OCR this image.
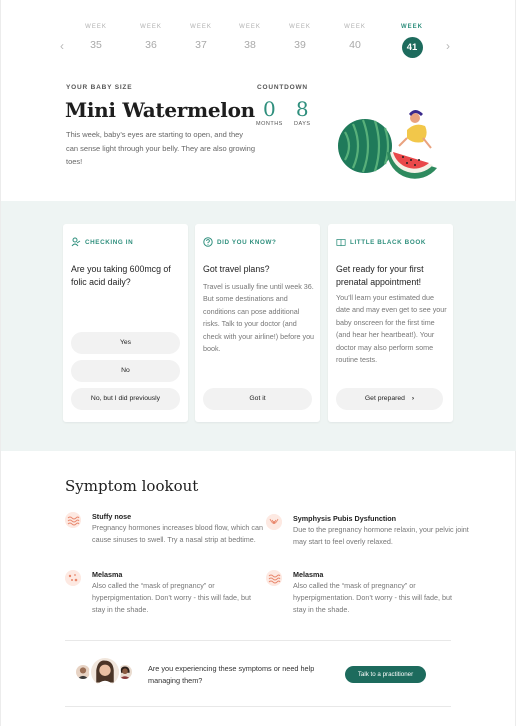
‹
WEEK
35
WEEK
36
WEEK
37
WEEK
38
WEEK
39
WEEK
40
WEEK
41	›
YOUR BABY SIZE
Mini Watermelon
This week, baby’s eyes are starting to open, and they can sense light through your belly. They are also growing toes!
COUNTDOWN
0
MONTHS
8
DAYS
CHECKING IN
Are you taking 600mcg of folic acid daily?
Yes
No
No, but I did previously
DID YOU KNOW?
Got travel plans?
Travel is usually fine until week 36. But some destinations and conditions can pose additional risks. Talk to your doctor (and check with your airline!) before you book.
Got it
LITTLE BLACK BOOK
Get ready for your first prenatal appointment!
You’ll learn your estimated due date and may even get to see your baby onscreen for the first time (and hear her heartbeat!). Your doctor may also perform some routine tests.
Get prepared ›
Symptom lookout
Stuffy nose
Pregnancy hormones increases blood flow, which can cause sinuses to swell. Try a nasal strip at bedtime.
Symphysis Pubis Dysfunction
Due to the pregnancy hormone relaxin, your pelvic joint may start to feel overly relaxed.
Melasma
Also called the “mask of pregnancy” or hyperpigmentation. Don’t worry - this will fade, but stay in the shade.
Melasma
Also called the “mask of pregnancy” or hyperpigmentation. Don’t worry - this will fade, but stay in the shade.
Are you experiencing these symptoms or need help managing them?
Talk to a practitioner
